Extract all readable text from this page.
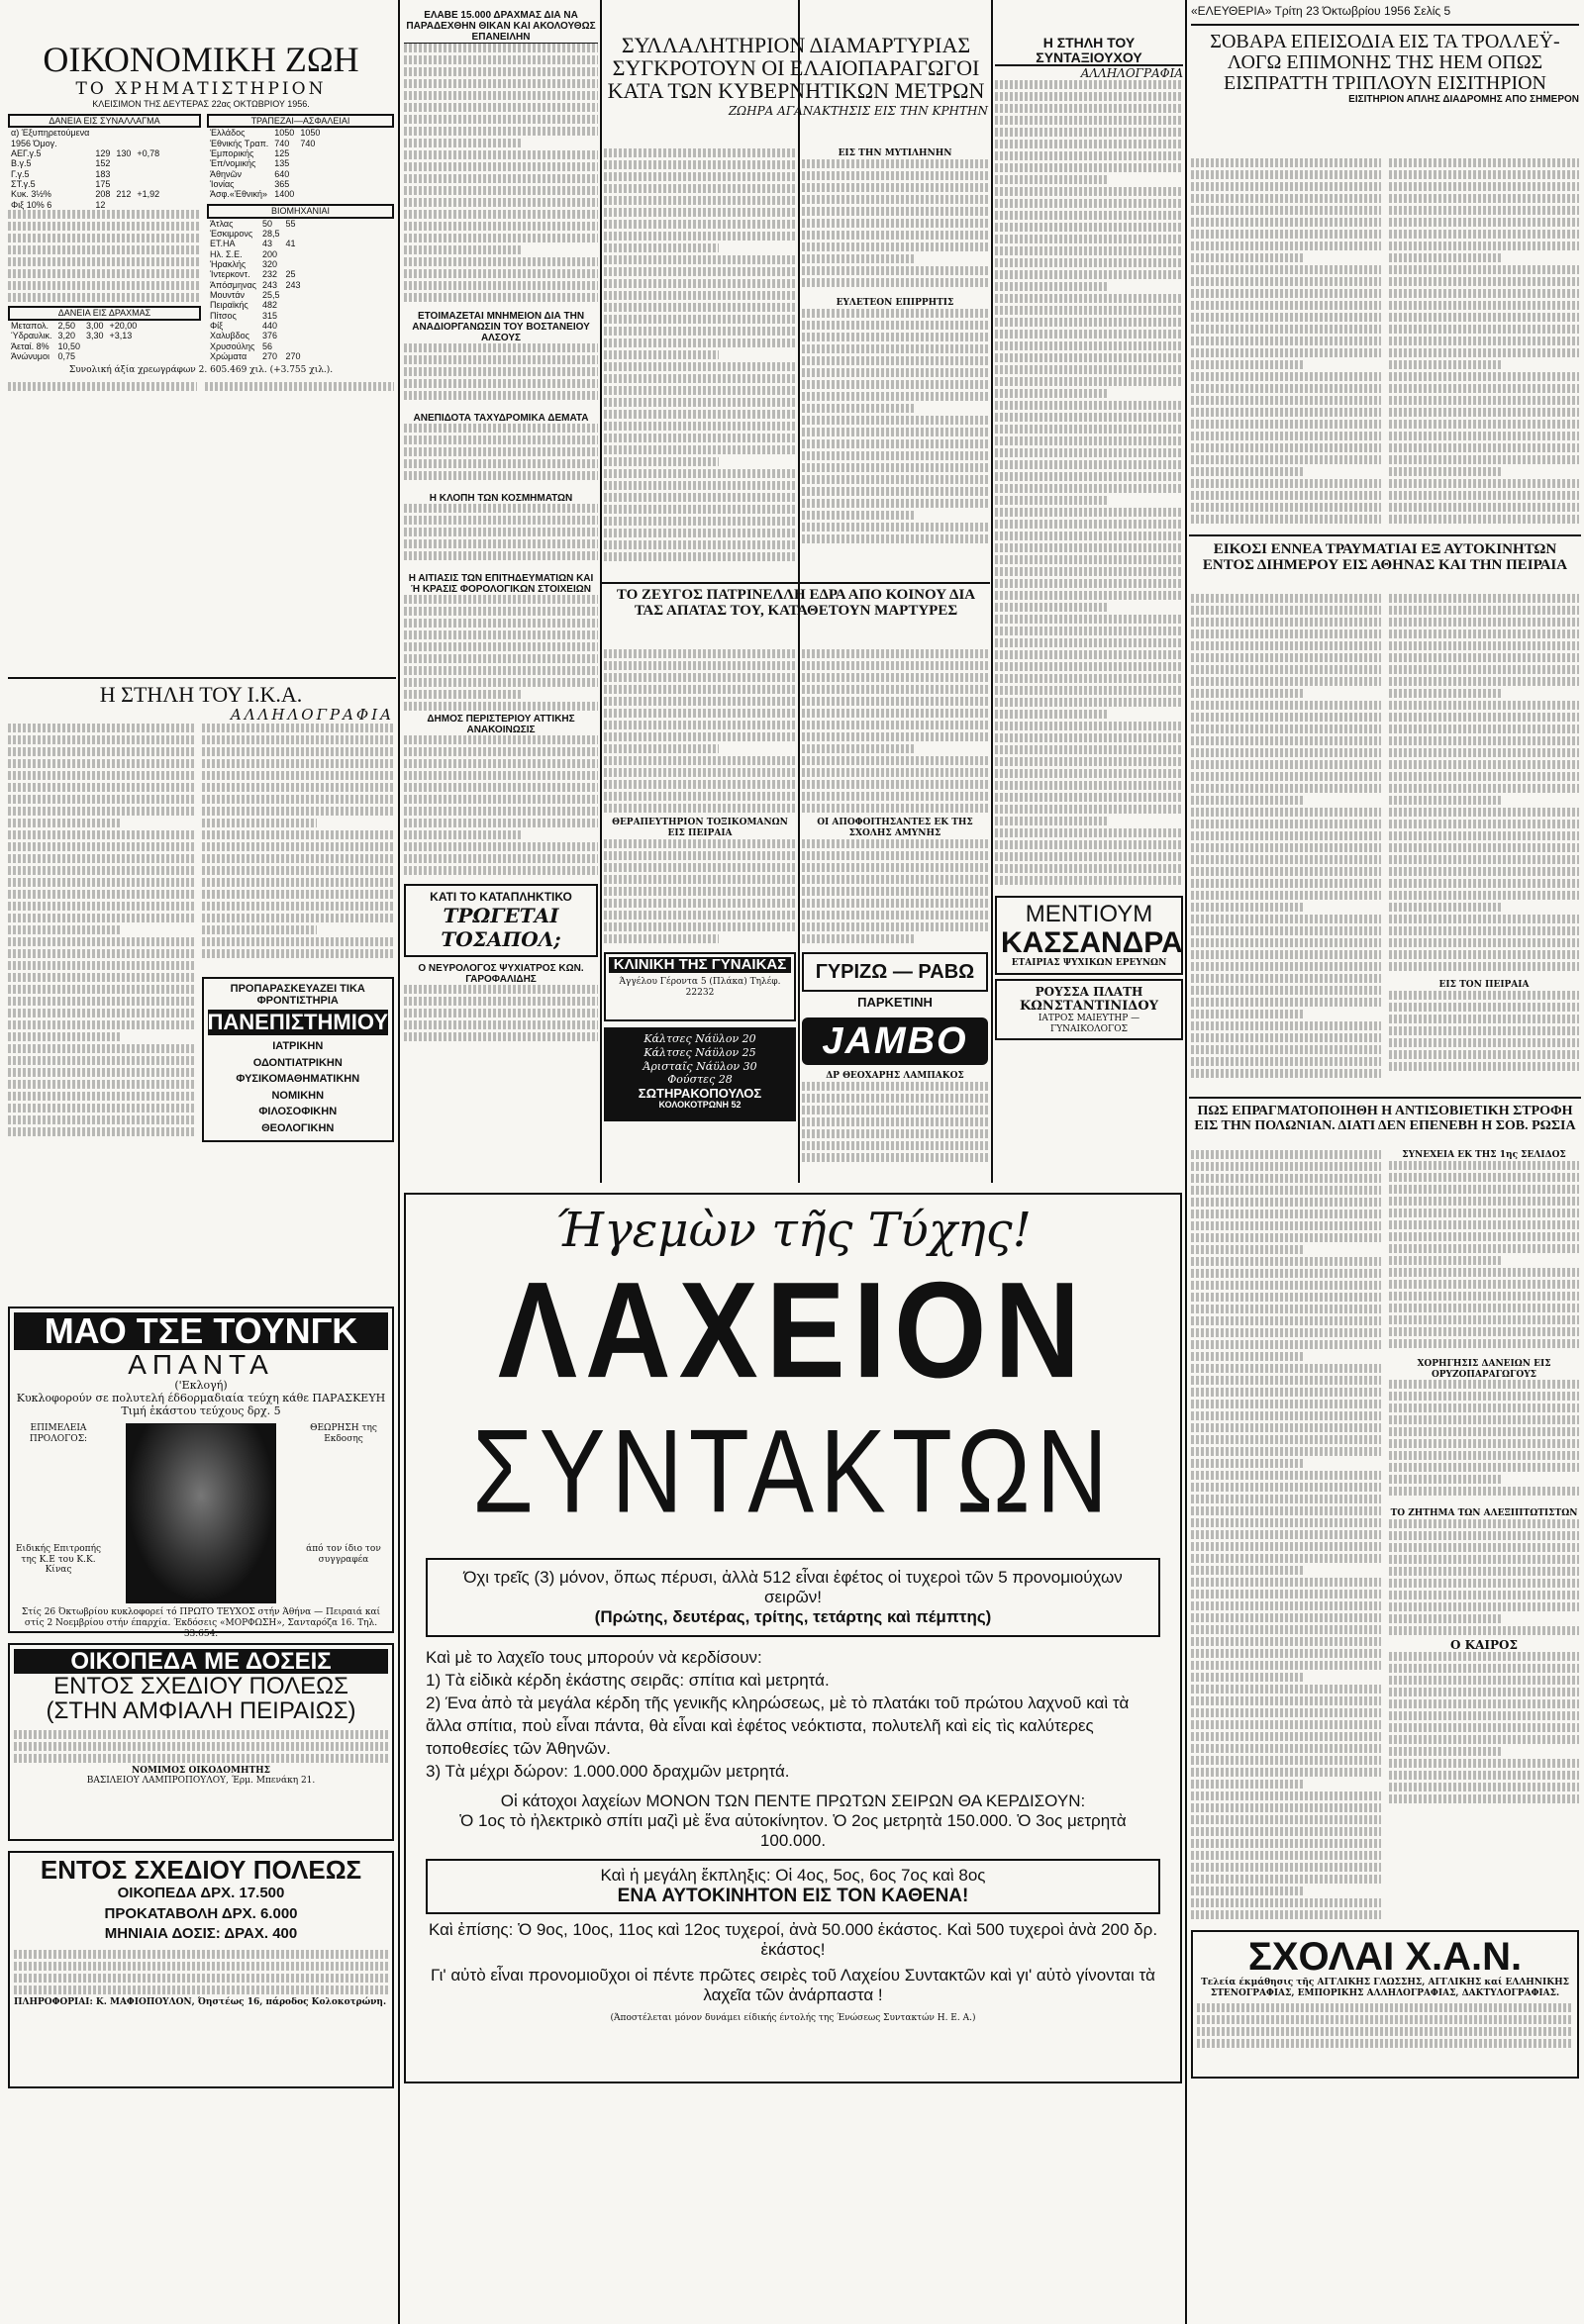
ΟΙΚΟΝΟΜΙΚΗ ΖΩΗ
ΤΟ ΧΡΗΜΑΤΙΣΤΗΡΙΟΝ
ΚΛΕΙΣΙΜΟΝ ΤΗΣ ΔΕΥΤΕΡΑΣ 22ας ΟΚΤΩΒΡΙΟΥ 1956.
ΔΑΝΕΙΑ ΕΙΣ ΣΥΝΑΛΛΑΓΜΑ
α) Έξυπηρετούμενα			
1956 Όμογ.			
ΑΕΓ.γ.5	129	130	+0,78
Β.γ.5	152		
Γ.γ.5	183		
ΣΤ.γ.5	175		
Κυκ. 3½%	208	212	+1,92
Φιξ 10% 6	12		
ΔΑΝΕΙΑ ΕΙΣ ΔΡΑΧΜΑΣ
Μεταπολ.	2,50	3,00	+20,00
Ύδραυλικ.	3,20	3,30	+3,13
Άεταί. 8%	10,50		
Άνώνυμοι	0,75		
ΤΡΑΠΕΖΑΙ—ΑΣΦΑΛΕΙΑΙ
Έλλάδος	1050	1050
Έθνικής Τραπ.	740	740
Έμπορικής	125	
Έπ/νομικής	135	
Άθηνῶν	640	
Ίονίας	365	
Άσφ.«Έθνική»	1400	
ΒΙΟΜΗΧΑΝΙΑΙ
Άτλας	50	55
Έσκιμρονς	28,5	
ΕΤ.ΗΑ	43	41
Ηλ. Σ.Ε.	200	
Ήρακλής	320	
Ίντερκοντ.	232	25
Άπόσμηνας	243	243
Μουντάν	25,5	
Πειραϊκής	482	
Πίτσος	315	
Φίξ	440	
Χαλυβδος	376	
Χρυσούλης	56	
Χρώματα	270	270
Συνολική άξία χρεωγράφων 2. 605.469 χιλ. (+3.755 χιλ.).
Η ΣΤΗΛΗ ΤΟΥ Ι.Κ.Α.
ΑΛΛΗΛΟΓΡΑΦΙΑ
ΠΡΟΠΑΡΑΣΚΕΥΑΖΕΙ ΤΙΚΑ ΦΡΟΝΤΙΣΤΗΡΙΑ
ΠΑΝΕΠΙΣΤΗΜΙΟΥ
ΙΑΤΡΙΚΗΝ
ΟΔΟΝΤΙΑΤΡΙΚΗΝ
ΦΥΣΙΚΟΜΑΘΗΜΑΤΙΚΗΝ
ΝΟΜΙΚΗΝ
ΦΙΛΟΣΟΦΙΚΗΝ
ΘΕΟΛΟΓΙΚΗΝ
ΜΑΟ ΤΣΕ ΤΟΥΝΓΚ
ΑΠΑΝΤΑ
('Εκλογή)
Κυκλοφορούν σε πολυτελή έδ6ορμαδιαία τεύχη κάθε ΠΑΡΑΣΚΕΥΗ
Τιμή ἑκάστου τεύχους δρχ. 5
ΕΠΙΜΕΛΕΙΑ ΠΡΟΛΟΓΟΣ:
Ειδικής Επιτροπής της Κ.Ε του Κ.Κ. Κίνας
ΘΕΩΡΗΣΗ της Εκδοσης
άπό τον ίδιο τον συγγραφέα
Στίς 26 Όκτωβρίου κυκλοφορεί τό ΠΡΩΤΟ ΤΕΥΧΟΣ στήν Άθήνα — Πειραιά καί στίς 2 Νοεμβρίου στήν έπαρχία. Έκδόσεις «ΜΟΡΦΩΣΗ», Σανταρόζα 16. Τηλ. 33.654.
ΟΙΚΟΠΕΔΑ ΜΕ ΔΟΣΕΙΣ
ΕΝΤΟΣ ΣΧΕΔΙΟΥ ΠΟΛΕΩΣ
(ΣΤΗΝ ΑΜΦΙΑΛΗ ΠΕΙΡΑΙΩΣ)
ΝΟΜΙΜΟΣ ΟΙΚΟΔΟΜΗΤΗΣ
ΒΑΣΙΛΕΙΟΥ ΛΑΜΠΡΟΠΟΥΛΟΥ, Έρμ. Μπενάκη 21.
ΕΝΤΟΣ ΣΧΕΔΙΟΥ ΠΟΛΕΩΣ
ΟΙΚΟΠΕΔΑ ΔΡΧ. 17.500
ΠΡΟΚΑΤΑΒΟΛΗ ΔΡΧ. 6.000
ΜΗΝΙΑΙΑ ΔΟΣΙΣ: ΔΡΑΧ. 400
ΠΛΗΡΟΦΟΡΙΑΙ: Κ. ΜΑΦΙΟΠΟΥΛΟΝ, Όηστέως 16, πάροδος Κολοκοτρώνη.
ΕΛΑΒΕ 15.000 ΔΡΑΧΜΑΣ ΔΙΑ ΝΑ ΠΑΡΑΔΕΧΘΗΝ ΘΙΚΑΝ ΚΑΙ ΑΚΟΛΟΥΘΩΣ ΕΠΑΝΕΙΛΗΝ
ΕΤΟΙΜΑΖΕΤΑΙ ΜΝΗΜΕΙΟΝ ΔΙΑ ΤΗΝ ΑΝΑΔΙΟΡΓΑΝΩΣΙΝ ΤΟΥ ΒΟΣΤΑΝΕΙΟΥ ΑΛΣΟΥΣ
ΑΝΕΠΙΔΟΤΑ ΤΑΧΥΔΡΟΜΙΚΑ ΔΕΜΑΤΑ
Η ΚΛΟΠΗ ΤΩΝ ΚΟΣΜΗΜΑΤΩΝ
Η ΑΙΤΙΑΣΙΣ ΤΩΝ ΕΠΙΤΗΔΕΥΜΑΤΙΩΝ ΚΑΙ Ή ΚΡΑΣΙΣ ΦΟΡΟΛΟΓΙΚΩΝ ΣΤΟΙΧΕΙΩΝ
ΔΗΜΟΣ ΠΕΡΙΣΤΕΡΙΟΥ ΑΤΤΙΚΗΣ
ΑΝΑΚΟΙΝΩΣΙΣ
ΚΑΤΙ ΤΟ ΚΑΤΑΠΛΗΚΤΙΚΟ
ΤΡΩΓΕΤΑΙ ΤΟΣΑΠΟΛ;
Ο ΝΕΥΡΟΛΟΓΟΣ ΨΥΧΙΑΤΡΟΣ ΚΩΝ. ΓΑΡΟΦΑΛΙΔΗΣ
ΣΥΛΛΑΛΗΤΗΡΙΟΝ ΔΙΑΜΑΡΤΥΡΙΑΣ ΣΥΓΚΡΟΤΟΥΝ ΟΙ ΕΛΑΙΟΠΑΡΑΓΩΓΟΙ ΚΑΤΑ ΤΩΝ ΚΥΒΕΡΝΗΤΙΚΩΝ ΜΕΤΡΩΝ
ΖΩΗΡΑ ΑΓΑΝΑΚΤΗΣΙΣ ΕΙΣ ΤΗΝ ΚΡΗΤΗΝ
ΕΙΣ ΤΗΝ ΜΥΤΙΛΗΝΗΝ
ΕΥΛΕΤΕΟΝ ΕΠΙΡΡΗΤΙΣ
ΤΟ ΖΕΥΓΟΣ ΠΑΤΡΙΝΕΛΛΗ ΕΔΡΑ ΑΠΟ ΚΟΙΝΟΥ ΔΙΑ ΤΑΣ ΑΠΑΤΑΣ ΤΟΥ, ΚΑΤΑΘΕΤΟΥΝ ΜΑΡΤΥΡΕΣ
ΘΕΡΑΠΕΥΤΗΡΙΟΝ ΤΟΞΙΚΟΜΑΝΩΝ ΕΙΣ ΠΕΙΡΑΙΑ
ΟΙ ΑΠΟΦΟΙΤΗΣΑΝΤΕΣ ΕΚ ΤΗΣ ΣΧΟΛΗΣ ΑΜΥΝΗΣ
ΚΛΙΝΙΚΗ ΤΗΣ ΓΥΝΑΙΚΑΣ
Άγγέλου Γέροντα 5 (Πλάκα) Τηλέφ. 22232
Κάλτσες Νάϋλον 20
Κάλτσες Νάϋλον 25
Άρισταῖς Νάϋλον 30
Φούστες 28
ΣΩΤΗΡΑΚΟΠΟΥΛΟΣ
ΚΟΛΟΚΟΤΡΩΝΗ 52
ΓΥΡΙΖΩ — ΡΑΒΩ
ΠΑΡΚΕΤΙΝΗ
JAMBO
ΔΡ ΘΕΟΧΑΡΗΣ ΛΑΜΠΑΚΟΣ
Η ΣΤΗΛΗ ΤΟΥ ΣΥΝΤΑΞΙΟΥΧΟΥ
ΑΛΛΗΛΟΓΡΑΦΙΑ
ΜΕΝΤΙΟΥΜ
ΚΑΣΣΑΝΔΡΑ
ΕΤΑΙΡΙΑΣ ΨΥΧΙΚΩΝ ΕΡΕΥΝΩΝ
ΡΟΥΣΣΑ ΠΛΑΤΗ
ΚΩΝΣΤΑΝΤΙΝΙΔΟΥ
ΙΑΤΡΟΣ ΜΑΙΕΥΤΗΡ — ΓΥΝΑΙΚΟΛΟΓΟΣ
«ΕΛΕΥΘΕΡΙΑ» Τρίτη 23 Όκτωβρίου 1956 Σελίς 5
ΣΟΒΑΡΑ ΕΠΕΙΣΟΔΙΑ ΕΙΣ ΤΑ ΤΡΟΛΛΕΫ-ΛΟΓΩ ΕΠΙΜΟΝΗΣ ΤΗΣ ΗΕΜ ΟΠΩΣ ΕΙΣΠΡΑΤΤΗ ΤΡΙΠΛΟΥΝ ΕΙΣΙΤΗΡΙΟΝ
ΕΙΣΙΤΗΡΙΟΝ ΑΠΛΗΣ ΔΙΑΔΡΟΜΗΣ ΑΠΟ ΣΗΜΕΡΟΝ
ΕΙΚΟΣΙ ΕΝΝΕΑ ΤΡΑΥΜΑΤΙΑΙ ΕΞ ΑΥΤΟΚΙΝΗΤΩΝ ΕΝΤΟΣ ΔΙΗΜΕΡΟΥ ΕΙΣ ΑΘΗΝΑΣ ΚΑΙ ΤΗΝ ΠΕΙΡΑΙΑ
ΕΙΣ ΤΟΝ ΠΕΙΡΑΙΑ
ΠΩΣ ΕΠΡΑΓΜΑΤΟΠΟΙΗΘΗ Η ΑΝΤΙΣΟΒΙΕΤΙΚΗ ΣΤΡΟΦΗ ΕΙΣ ΤΗΝ ΠΟΛΩΝΙΑΝ. ΔΙΑΤΙ ΔΕΝ ΕΠΕΝΕΒΗ Η ΣΟΒ. ΡΩΣΙΑ
ΣΥΝΕΧΕΙΑ ΕΚ ΤΗΣ 1ης ΣΕΛΙΔΟΣ
ΧΟΡΗΓΗΣΙΣ ΔΑΝΕΙΩΝ ΕΙΣ ΟΡΥΖΟΠΑΡΑΓΩΓΟΥΣ
ΤΟ ΖΗΤΗΜΑ ΤΩΝ ΑΛΕΞΙΠΤΩΤΙΣΤΩΝ
Ο ΚΑΙΡΟΣ
ΣΧΟΛΑΙ Χ.Α.Ν.
Τελεία έκμάθησις τῆς ΑΓΓΛΙΚΗΣ ΓΛΩΣΣΗΣ, ΑΓΓΛΙΚΗΣ καί ΕΛΛΗΝΙΚΗΣ ΣΤΕΝΟΓΡΑΦΙΑΣ, ΕΜΠΟΡΙΚΗΣ ΑΛΛΗΛΟΓΡΑΦΙΑΣ, ΔΑΚΤΥΛΟΓΡΑΦΙΑΣ.
Ήγεμὼν τῆς Τύχης!
ΛΑΧΕΙΟΝ
ΣΥΝΤΑΚΤΩΝ
Όχι τρεῖς (3) μόνον, ὅπως πέρυσι, ἀλλὰ 512 εἶναι ἐφέτος οἱ τυχεροὶ τῶν 5 προνομιούχων σειρῶν!
(Πρώτης, δευτέρας, τρίτης, τετάρτης καὶ πέμπτης)
Καὶ μὲ το λαχεῖο τους μπορούν νὰ κερδίσουν:
1) Τὰ εἰδικὰ κέρδη ἑκάστης σειρᾶς: σπίτια καὶ μετρητά.
2) Ένα ἀπὸ τὰ μεγάλα κέρδη τῆς γενικῆς κληρώσεως, μὲ τὸ πλατάκι τοῦ πρώτου λαχνοῦ καὶ τὰ ἄλλα σπίτια, ποὺ εἶναι πάντα, θὰ εἶναι καὶ ἐφέτος νεόκτιστα, πολυτελῆ καὶ εἰς τὶς καλύτερες τοποθεσίες τῶν Ἀθηνῶν.
3) Τὰ μέχρι δώρον: 1.000.000 δραχμῶν μετρητά.
Οἱ κάτοχοι λαχείων ΜΟΝΟΝ ΤΩΝ ΠΕΝΤΕ ΠΡΩΤΩΝ ΣΕΙΡΩΝ ΘΑ ΚΕΡΔΙΣΟΥΝ:
Ὁ 1ος τὸ ἠλεκτρικὸ σπίτι μαζὶ μὲ ἕνα αὐτοκίνητον. Ὁ 2ος μετρητὰ 150.000. Ὁ 3ος μετρητὰ 100.000.
Καὶ ἡ μεγάλη ἔκπληξις: Οἱ 4ος, 5ος, 6ος 7ος καὶ 8ος
ΕΝΑ ΑΥΤΟΚΙΝΗΤΟΝ ΕΙΣ ΤΟΝ ΚΑΘΕΝΑ!
Καὶ ἐπίσης: Ὁ 9ος, 10ος, 11ος καὶ 12ος τυχεροί, ἀνὰ 50.000 ἑκάστος. Καὶ 500 τυχεροὶ ἀνὰ 200 δρ. ἑκάστος!
Γι' αὐτὸ εἶναι προνομιοῦχοι οἱ πέντε πρῶτες σειρὲς τοῦ Λαχείου Συντακτῶν καὶ γι' αὐτὸ γίνονται τὰ λαχεῖα τῶν ἀνάρπαστα !
(Άποστέλεται μόνον δυνάμει είδικής έντολής της Ένώσεως Συντακτών Η. Ε. Α.)
